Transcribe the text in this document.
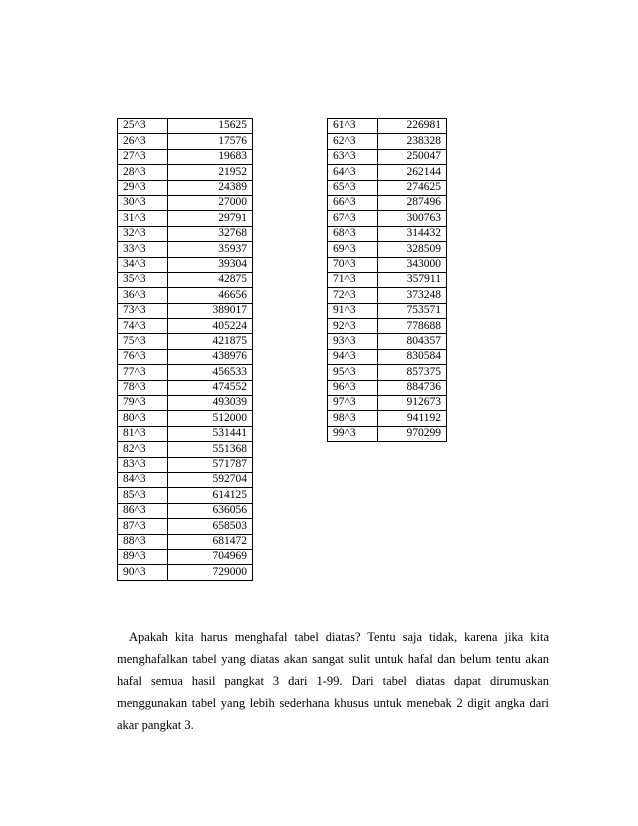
25^3	15625
26^3	17576
27^3	19683
28^3	21952
29^3	24389
30^3	27000
31^3	29791
32^3	32768
33^3	35937
34^3	39304
35^3	42875
36^3	46656
73^3	389017
74^3	405224
75^3	421875
76^3	438976
77^3	456533
78^3	474552
79^3	493039
80^3	512000
81^3	531441
82^3	551368
83^3	571787
84^3	592704
85^3	614125
86^3	636056
87^3	658503
88^3	681472
89^3	704969
90^3	729000
61^3	226981
62^3	238328
63^3	250047
64^3	262144
65^3	274625
66^3	287496
67^3	300763
68^3	314432
69^3	328509
70^3	343000
71^3	357911
72^3	373248
91^3	753571
92^3	778688
93^3	804357
94^3	830584
95^3	857375
96^3	884736
97^3	912673
98^3	941192
99^3	970299

Apakah kita harus menghafal tabel diatas? Tentu saja tidak, karena jika kita menghafalkan tabel yang diatas akan sangat sulit untuk hafal dan belum tentu akan hafal semua hasil pangkat 3 dari 1-99. Dari tabel diatas dapat dirumuskan menggunakan tabel yang lebih sederhana khusus untuk menebak 2 digit angka dari akar pangkat 3.
